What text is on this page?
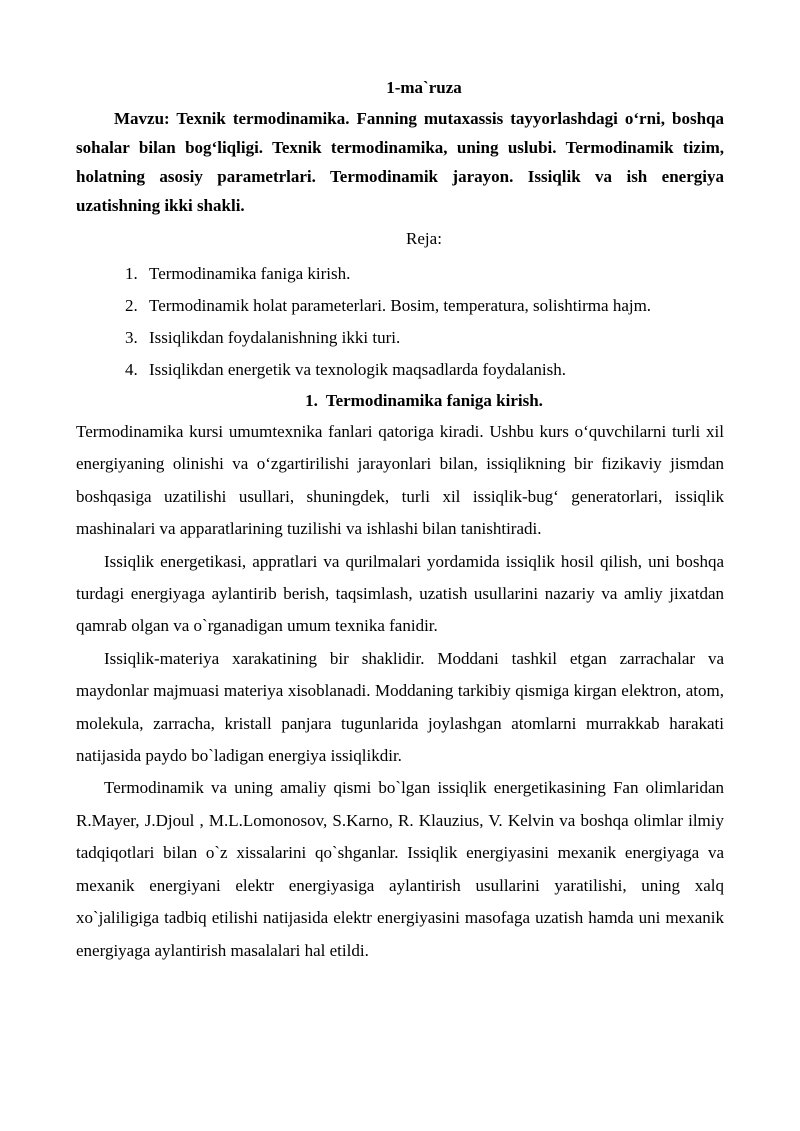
1-ma`ruza

Mavzu: Texnik termodinamika. Fanning mutaxassis tayyorlashdagi o‘rni, boshqa sohalar bilan bog‘liqligi. Texnik termodinamika, uning uslubi. Termodinamik tizim, holatning asosiy parametrlari. Termodinamik jarayon. Issiqlik va ish energiya uzatishning ikki shakli.

Reja:
1. Termodinamika faniga kirish.
2. Termodinamik holat parameterlari. Bosim, temperatura, solishtirma hajm.
3. Issiqlikdan foydalanishning ikki turi.
4. Issiqlikdan energetik va texnologik maqsadlarda foydalanish.
1. Termodinamika faniga kirish.

Termodinamika kursi umumtexnika fanlari qatoriga kiradi. Ushbu kurs o‘quvchilarni turli xil energiyaning olinishi va o‘zgartirilishi jarayonlari bilan, issiqlikning bir fizikaviy jismdan boshqasiga uzatilishi usullari, shuningdek, turli xil issiqlik-bug‘ generatorlari, issiqlik mashinalari va apparatlarining tuzilishi va ishlashi bilan tanishtiradi.

Issiqlik energetikasi, appratlari va qurilmalari yordamida issiqlik hosil qilish, uni boshqa turdagi energiyaga aylantirib berish, taqsimlash, uzatish usullarini nazariy va amliy jixatdan qamrab olgan va o`rganadigan umum texnika fanidir.

Issiqlik-materiya xarakatining bir shaklidir. Moddani tashkil etgan zarrachalar va maydonlar majmuasi materiya xisoblanadi. Moddaning tarkibiy qismiga kirgan elektron, atom, molekula, zarracha, kristall panjara tugunlarida joylashgan atomlarni murrakkab harakati natijasida paydo bo`ladigan energiya issiqlikdir.

Termodinamik va uning amaliy qismi bo`lgan issiqlik energetikasining Fan olimlaridan R.Mayer, J.Djoul , M.L.Lomonosov, S.Karno, R. Klauzius, V. Kelvin va boshqa olimlar ilmiy tadqiqotlari bilan o`z xissalarini qo`shganlar. Issiqlik energiyasini mexanik energiyaga va mexanik energiyani elektr energiyasiga aylantirish usullarini yaratilishi, uning xalq xo`jaliligiga tadbiq etilishi natijasida elektr energiyasini masofaga uzatish hamda uni mexanik energiyaga aylantirish masalalari hal etildi.
